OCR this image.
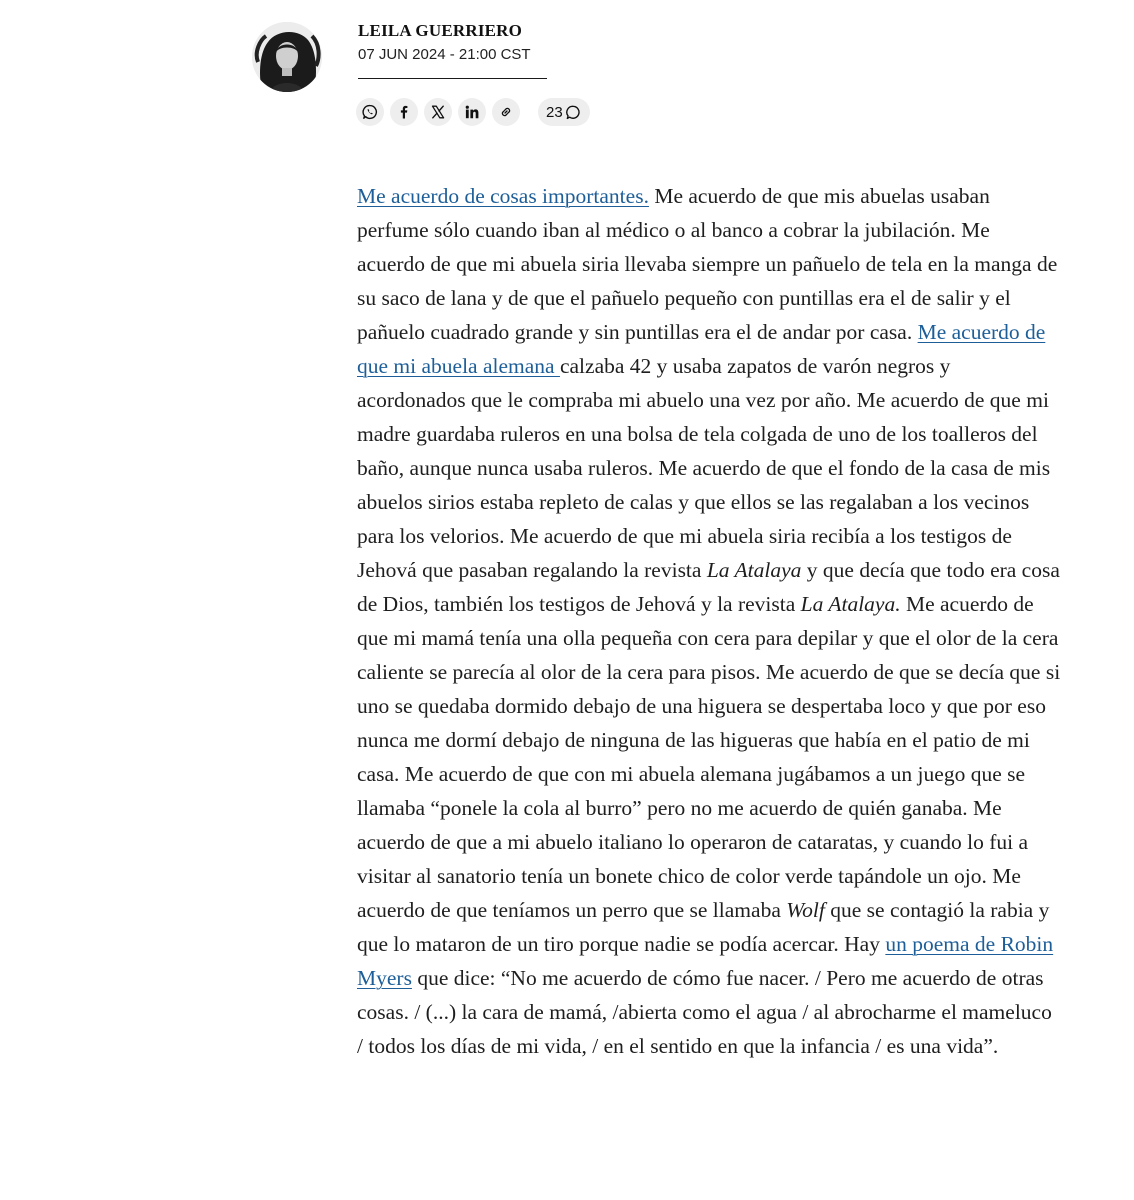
LEILA GUERRIERO
07 JUN 2024 - 21:00 CST
23

Me acuerdo de cosas importantes. Me acuerdo de que mis abuelas usaban perfume sólo cuando iban al médico o al banco a cobrar la jubilación. Me acuerdo de que mi abuela siria llevaba siempre un pañuelo de tela en la manga de su saco de lana y de que el pañuelo pequeño con puntillas era el de salir y el pañuelo cuadrado grande y sin puntillas era el de andar por casa. Me acuerdo de que mi abuela alemana calzaba 42 y usaba zapatos de varón negros y acordonados que le compraba mi abuelo una vez por año. Me acuerdo de que mi madre guardaba ruleros en una bolsa de tela colgada de uno de los toalleros del baño, aunque nunca usaba ruleros. Me acuerdo de que el fondo de la casa de mis abuelos sirios estaba repleto de calas y que ellos se las regalaban a los vecinos para los velorios. Me acuerdo de que mi abuela siria recibía a los testigos de Jehová que pasaban regalando la revista La Atalaya y que decía que todo era cosa de Dios, también los testigos de Jehová y la revista La Atalaya. Me acuerdo de que mi mamá tenía una olla pequeña con cera para depilar y que el olor de la cera caliente se parecía al olor de la cera para pisos. Me acuerdo de que se decía que si uno se quedaba dormido debajo de una higuera se despertaba loco y que por eso nunca me dormí debajo de ninguna de las higueras que había en el patio de mi casa. Me acuerdo de que con mi abuela alemana jugábamos a un juego que se llamaba “ponele la cola al burro” pero no me acuerdo de quién ganaba. Me acuerdo de que a mi abuelo italiano lo operaron de cataratas, y cuando lo fui a visitar al sanatorio tenía un bonete chico de color verde tapándole un ojo. Me acuerdo de que teníamos un perro que se llamaba Wolf que se contagió la rabia y que lo mataron de un tiro porque nadie se podía acercar. Hay un poema de Robin Myers que dice: “No me acuerdo de cómo fue nacer. / Pero me acuerdo de otras cosas. / (...) la cara de mamá, /abierta como el agua / al abrocharme el mameluco / todos los días de mi vida, / en el sentido en que la infancia / es una vida”.
